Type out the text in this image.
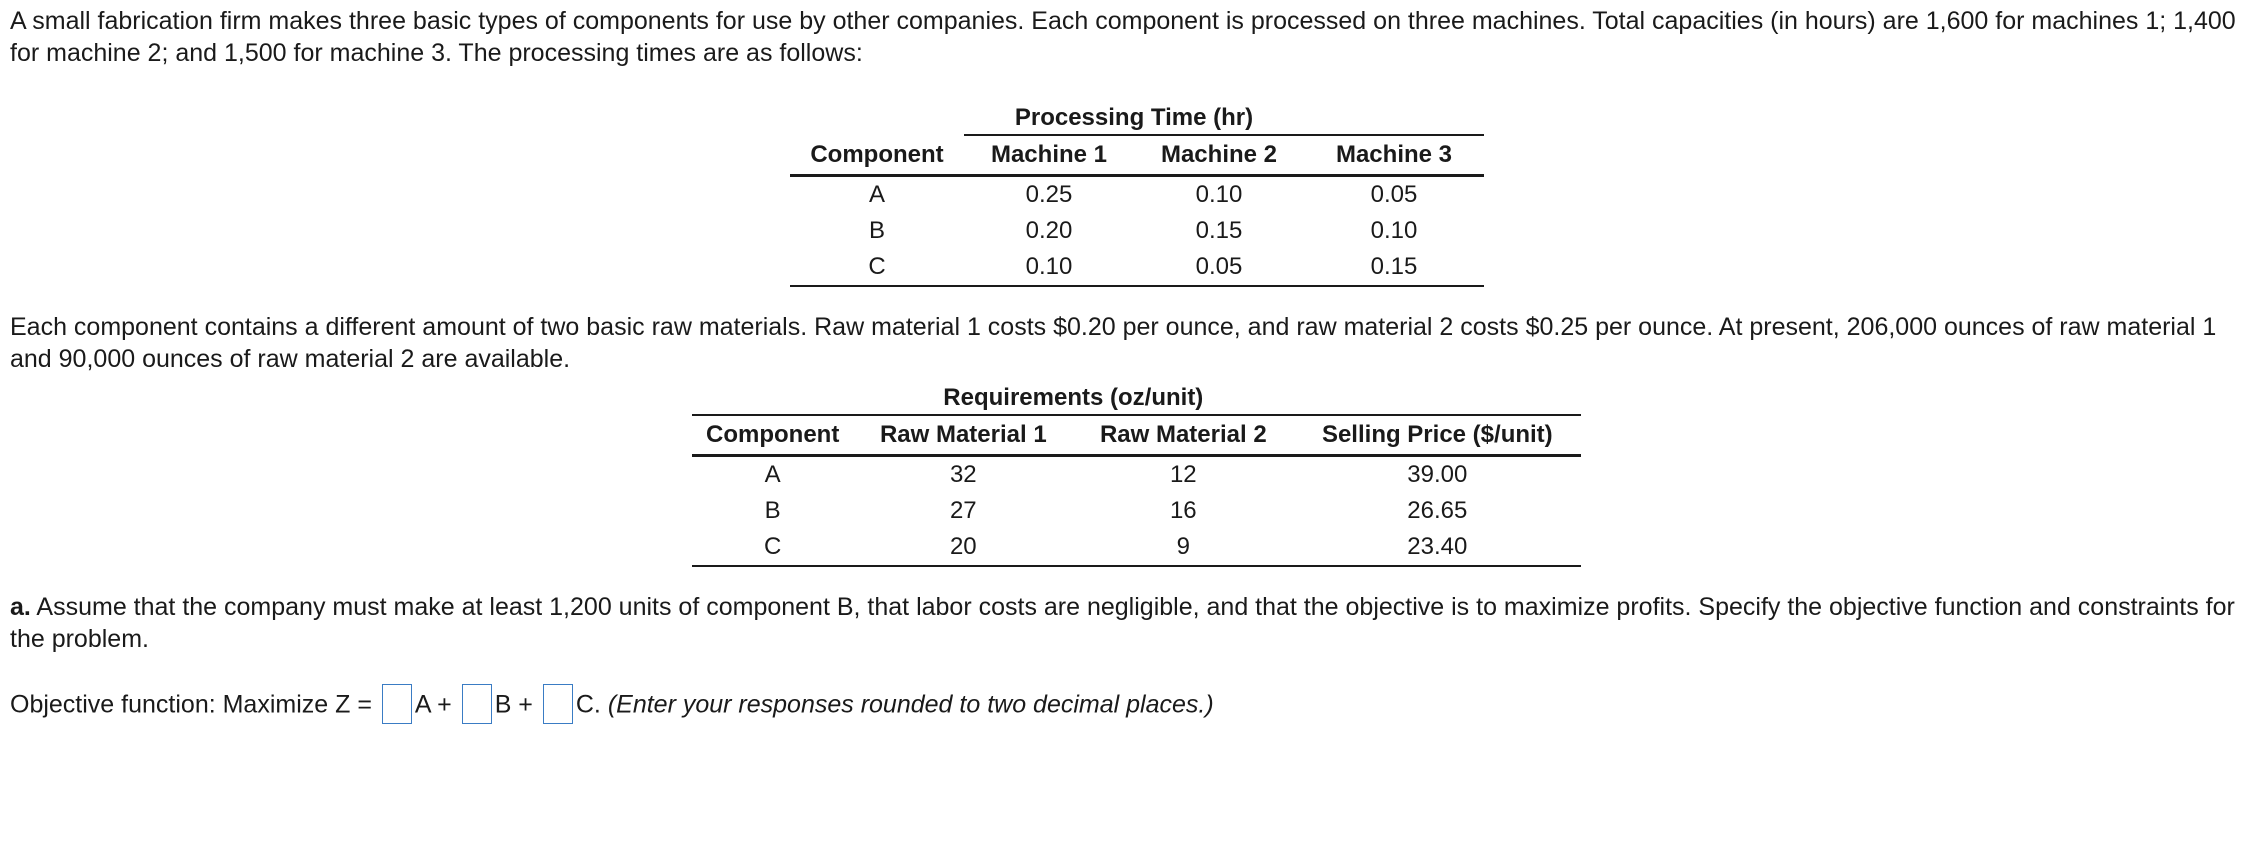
A small fabrication firm makes three basic types of components for use by other companies. Each component is processed on three machines. Total capacities (in hours) are 1,600 for machines 1; 1,400 for machine 2; and 1,500 for machine 3. The processing times are as follows:

	Processing Time (hr)		
Component	Machine 1	Machine 2	Machine 3
A	0.25	0.10	0.05
B	0.20	0.15	0.10
C	0.10	0.05	0.15

Each component contains a different amount of two basic raw materials. Raw material 1 costs $0.20 per ounce, and raw material 2 costs $0.25 per ounce. At present, 206,000 ounces of raw material 1 and 90,000 ounces of raw material 2 are available.

	Requirements (oz/unit)		
Component	Raw Material 1	Raw Material 2	Selling Price ($/unit)
A	32	12	39.00
B	27	16	26.65
C	20	9	23.40

a. Assume that the company must make at least 1,200 units of component B, that labor costs are negligible, and that the objective is to maximize profits. Specify the objective function and constraints for the problem.

Objective function: Maximize Z = A + B + C. (Enter your responses rounded to two decimal places.)
